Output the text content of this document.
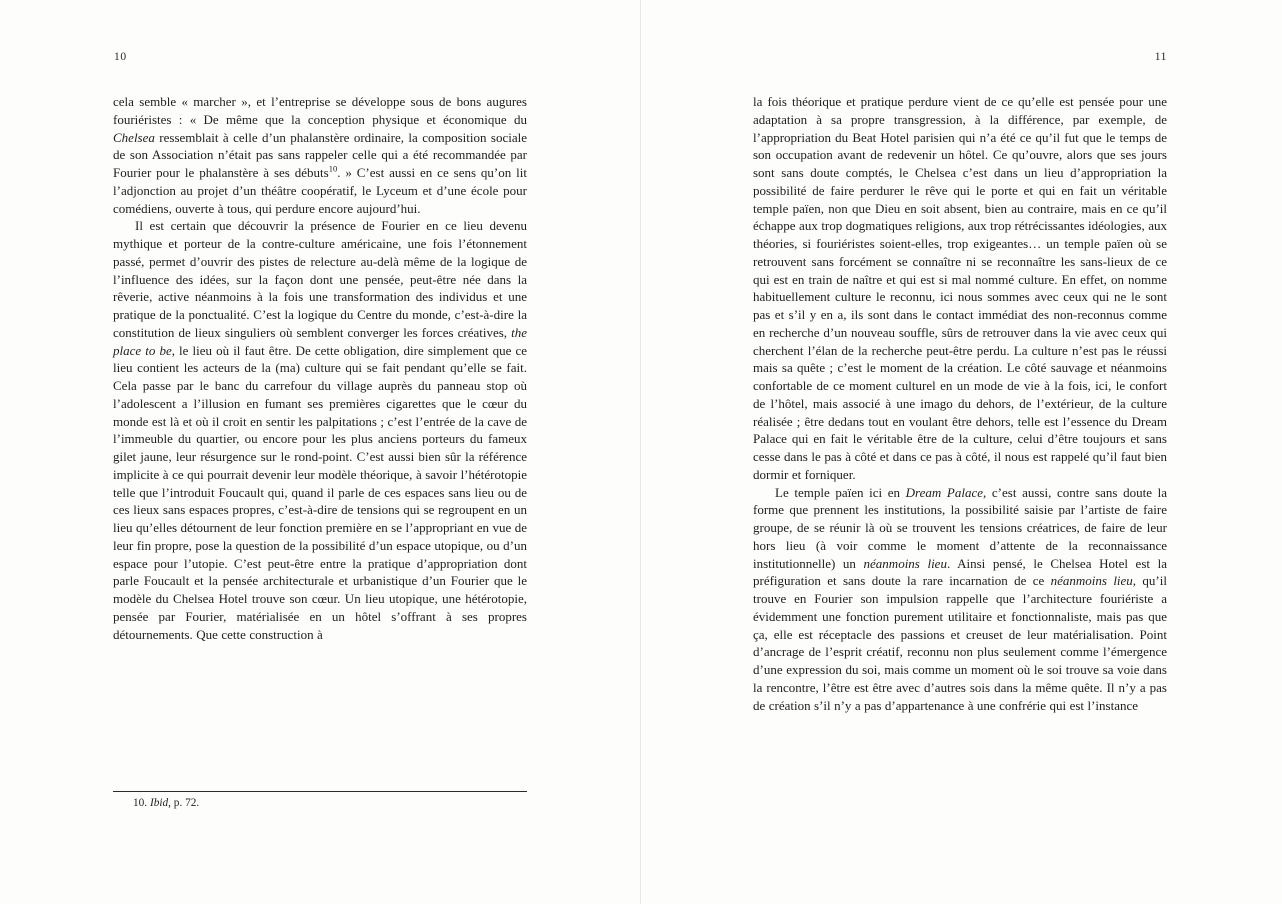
10	11

cela semble « marcher », et l’entreprise se développe sous de bons augures fouriéristes : « De même que la conception physique et économique du Chelsea ressemblait à celle d’un phalanstère ordinaire, la composition sociale de son Association n’était pas sans rappeler celle qui a été recommandée par Fourier pour le phalanstère à ses débuts$^{10}$. » C’est aussi en ce sens qu’on lit l’adjonction au projet d’un théâtre coopératif, le Lyceum et d’une école pour comédiens, ouverte à tous, qui perdure encore aujourd’hui.

Il est certain que découvrir la présence de Fourier en ce lieu devenu mythique et porteur de la contre-culture américaine, une fois l’étonnement passé, permet d’ouvrir des pistes de relecture au-delà même de la logique de l’influence des idées, sur la façon dont une pensée, peut-être née dans la rêverie, active néanmoins à la fois une transformation des individus et une pratique de la ponctualité. C’est la logique du Centre du monde, c’est-à-dire la constitution de lieux singuliers où semblent converger les forces créatives, the place to be, le lieu où il faut être. De cette obligation, dire simplement que ce lieu contient les acteurs de la (ma) culture qui se fait pendant qu’elle se fait. Cela passe par le banc du carrefour du village auprès du panneau stop où l’adolescent a l’illusion en fumant ses premières cigarettes que le cœur du monde est là et où il croit en sentir les palpitations ; c’est l’entrée de la cave de l’immeuble du quartier, ou encore pour les plus anciens porteurs du fameux gilet jaune, leur résurgence sur le rond-point. C’est aussi bien sûr la référence implicite à ce qui pourrait devenir leur modèle théorique, à savoir l’hétérotopie telle que l’introduit Foucault qui, quand il parle de ces espaces sans lieu ou de ces lieux sans espaces propres, c’est-à-dire de tensions qui se regroupent en un lieu qu’elles détournent de leur fonction première en se l’appropriant en vue de leur fin propre, pose la question de la possibilité d’un espace utopique, ou d’un espace pour l’utopie. C’est peut-être entre la pratique d’appropriation dont parle Foucault et la pensée architecturale et urbanistique d’un Fourier que le modèle du Chelsea Hotel trouve son cœur. Un lieu utopique, une hétérotopie, pensée par Fourier, matérialisée en un hôtel s’offrant à ses propres détournements. Que cette construction à

10. Ibid, p. 72.

la fois théorique et pratique perdure vient de ce qu’elle est pensée pour une adaptation à sa propre transgression, à la différence, par exemple, de l’appropriation du Beat Hotel parisien qui n’a été ce qu’il fut que le temps de son occupation avant de redevenir un hôtel. Ce qu’ouvre, alors que ses jours sont sans doute comptés, le Chelsea c’est dans un lieu d’appropriation la possibilité de faire perdurer le rêve qui le porte et qui en fait un véritable temple païen, non que Dieu en soit absent, bien au contraire, mais en ce qu’il échappe aux trop dogmatiques religions, aux trop rétrécissantes idéologies, aux théories, si fouriéristes soient-elles, trop exigeantes… un temple païen où se retrouvent sans forcément se connaître ni se reconnaître les sans-lieux de ce qui est en train de naître et qui est si mal nommé culture. En effet, on nomme habituellement culture le reconnu, ici nous sommes avec ceux qui ne le sont pas et s’il y en a, ils sont dans le contact immédiat des non-reconnus comme en recherche d’un nouveau souffle, sûrs de retrouver dans la vie avec ceux qui cherchent l’élan de la recherche peut-être perdu. La culture n’est pas le réussi mais sa quête ; c’est le moment de la création. Le côté sauvage et néanmoins confortable de ce moment culturel en un mode de vie à la fois, ici, le confort de l’hôtel, mais associé à une imago du dehors, de l’extérieur, de la culture réalisée ; être dedans tout en voulant être dehors, telle est l’essence du Dream Palace qui en fait le véritable être de la culture, celui d’être toujours et sans cesse dans le pas à côté et dans ce pas à côté, il nous est rappelé qu’il faut bien dormir et forniquer.

Le temple païen ici en Dream Palace, c’est aussi, contre sans doute la forme que prennent les institutions, la possibilité saisie par l’artiste de faire groupe, de se réunir là où se trouvent les tensions créatrices, de faire de leur hors lieu (à voir comme le moment d’attente de la reconnaissance institutionnelle) un néanmoins lieu. Ainsi pensé, le Chelsea Hotel est la préfiguration et sans doute la rare incarnation de ce néanmoins lieu, qu’il trouve en Fourier son impulsion rappelle que l’architecture fouriériste a évidemment une fonction purement utilitaire et fonctionnaliste, mais pas que ça, elle est réceptacle des passions et creuset de leur matérialisation. Point d’ancrage de l’esprit créatif, reconnu non plus seulement comme l’émergence d’une expression du soi, mais comme un moment où le soi trouve sa voie dans la rencontre, l’être est être avec d’autres sois dans la même quête. Il n’y a pas de création s’il n’y a pas d’appartenance à une confrérie qui est l’instance
